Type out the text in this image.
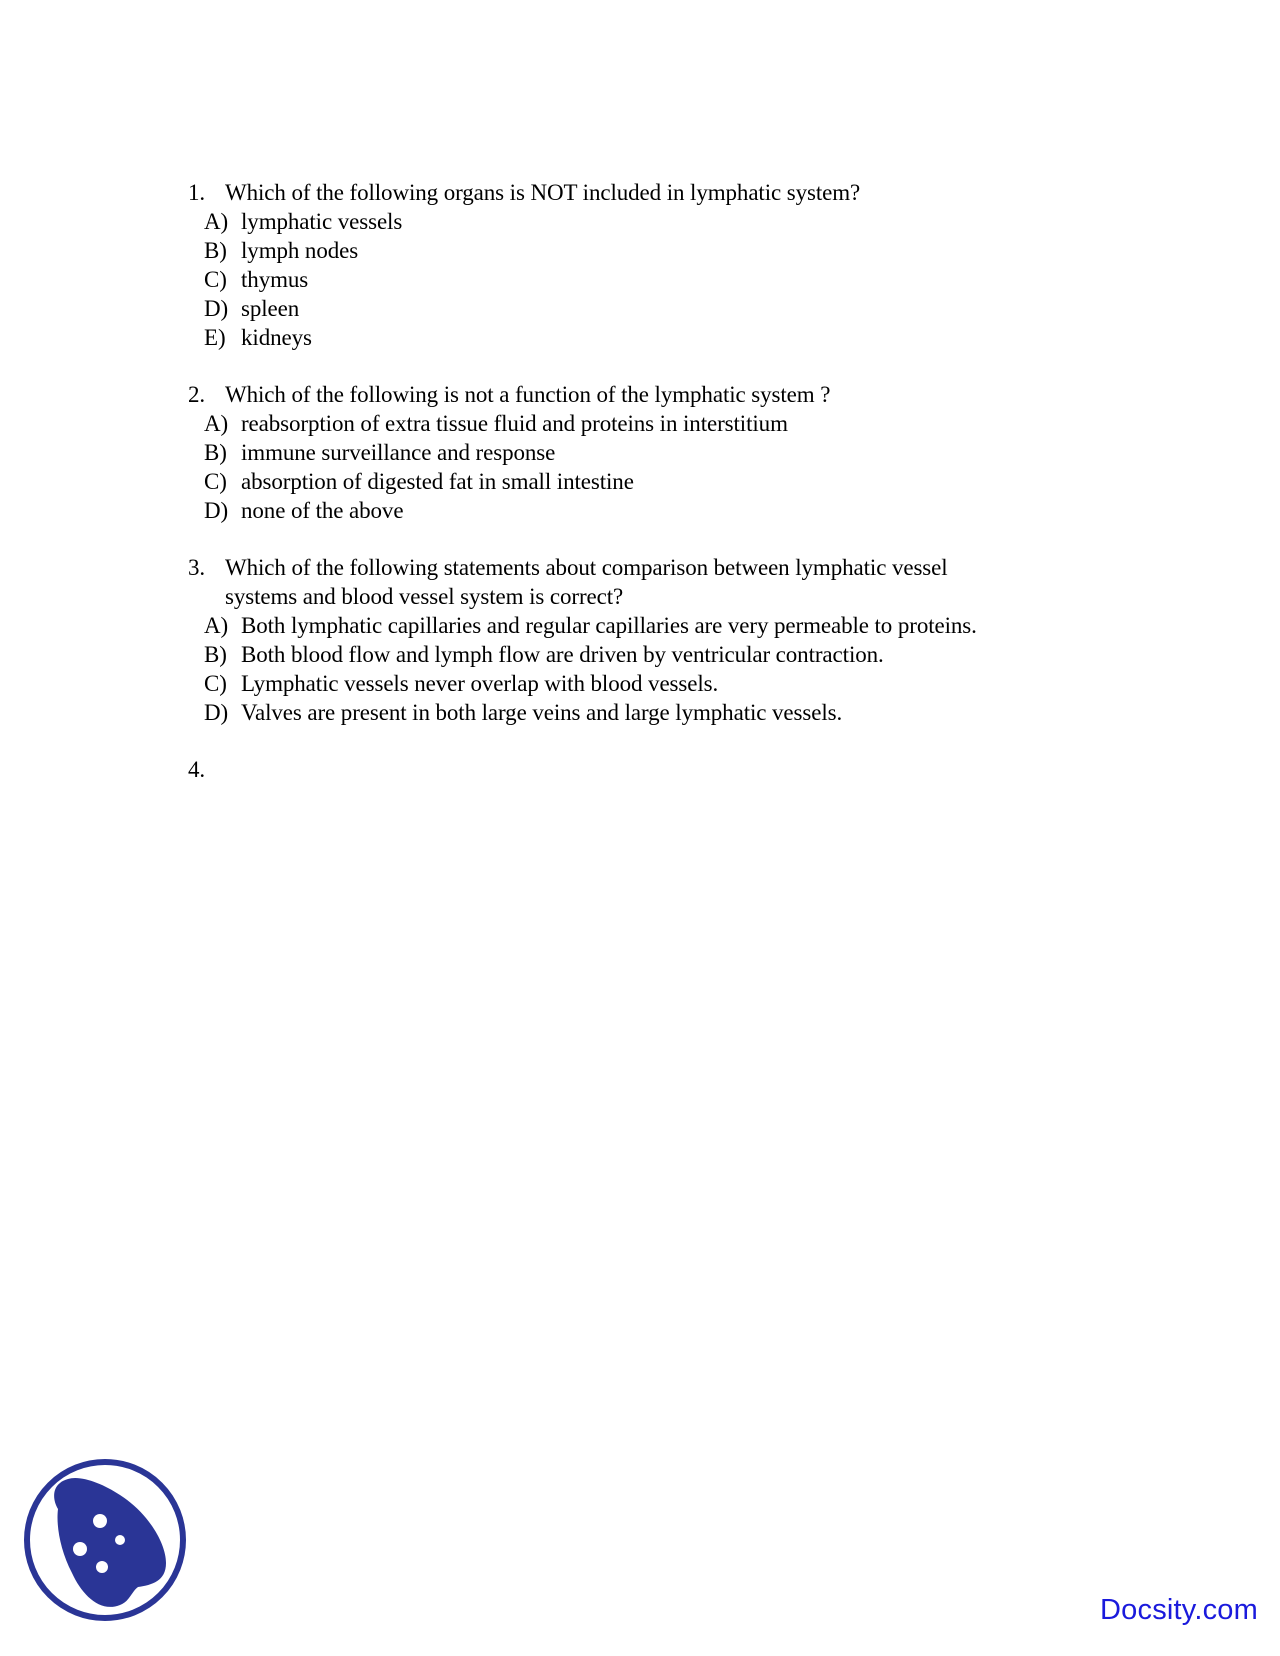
1. Which of the following organs is NOT included in lymphatic system?
A) lymphatic vessels
B) lymph nodes
C) thymus
D) spleen
E) kidneys
2. Which of the following is not a function of the lymphatic system ?
A) reabsorption of extra tissue fluid and proteins in interstitium
B) immune surveillance and response
C) absorption of digested fat in small intestine
D) none of the above
3. Which of the following statements about comparison between lymphatic vessel
systems and blood vessel system is correct?
A) Both lymphatic capillaries and regular capillaries are very permeable to proteins.
B) Both blood flow and lymph flow are driven by ventricular contraction.
C) Lymphatic vessels never overlap with blood vessels.
D) Valves are present in both large veins and large lymphatic vessels.
4.
Docsity.com
